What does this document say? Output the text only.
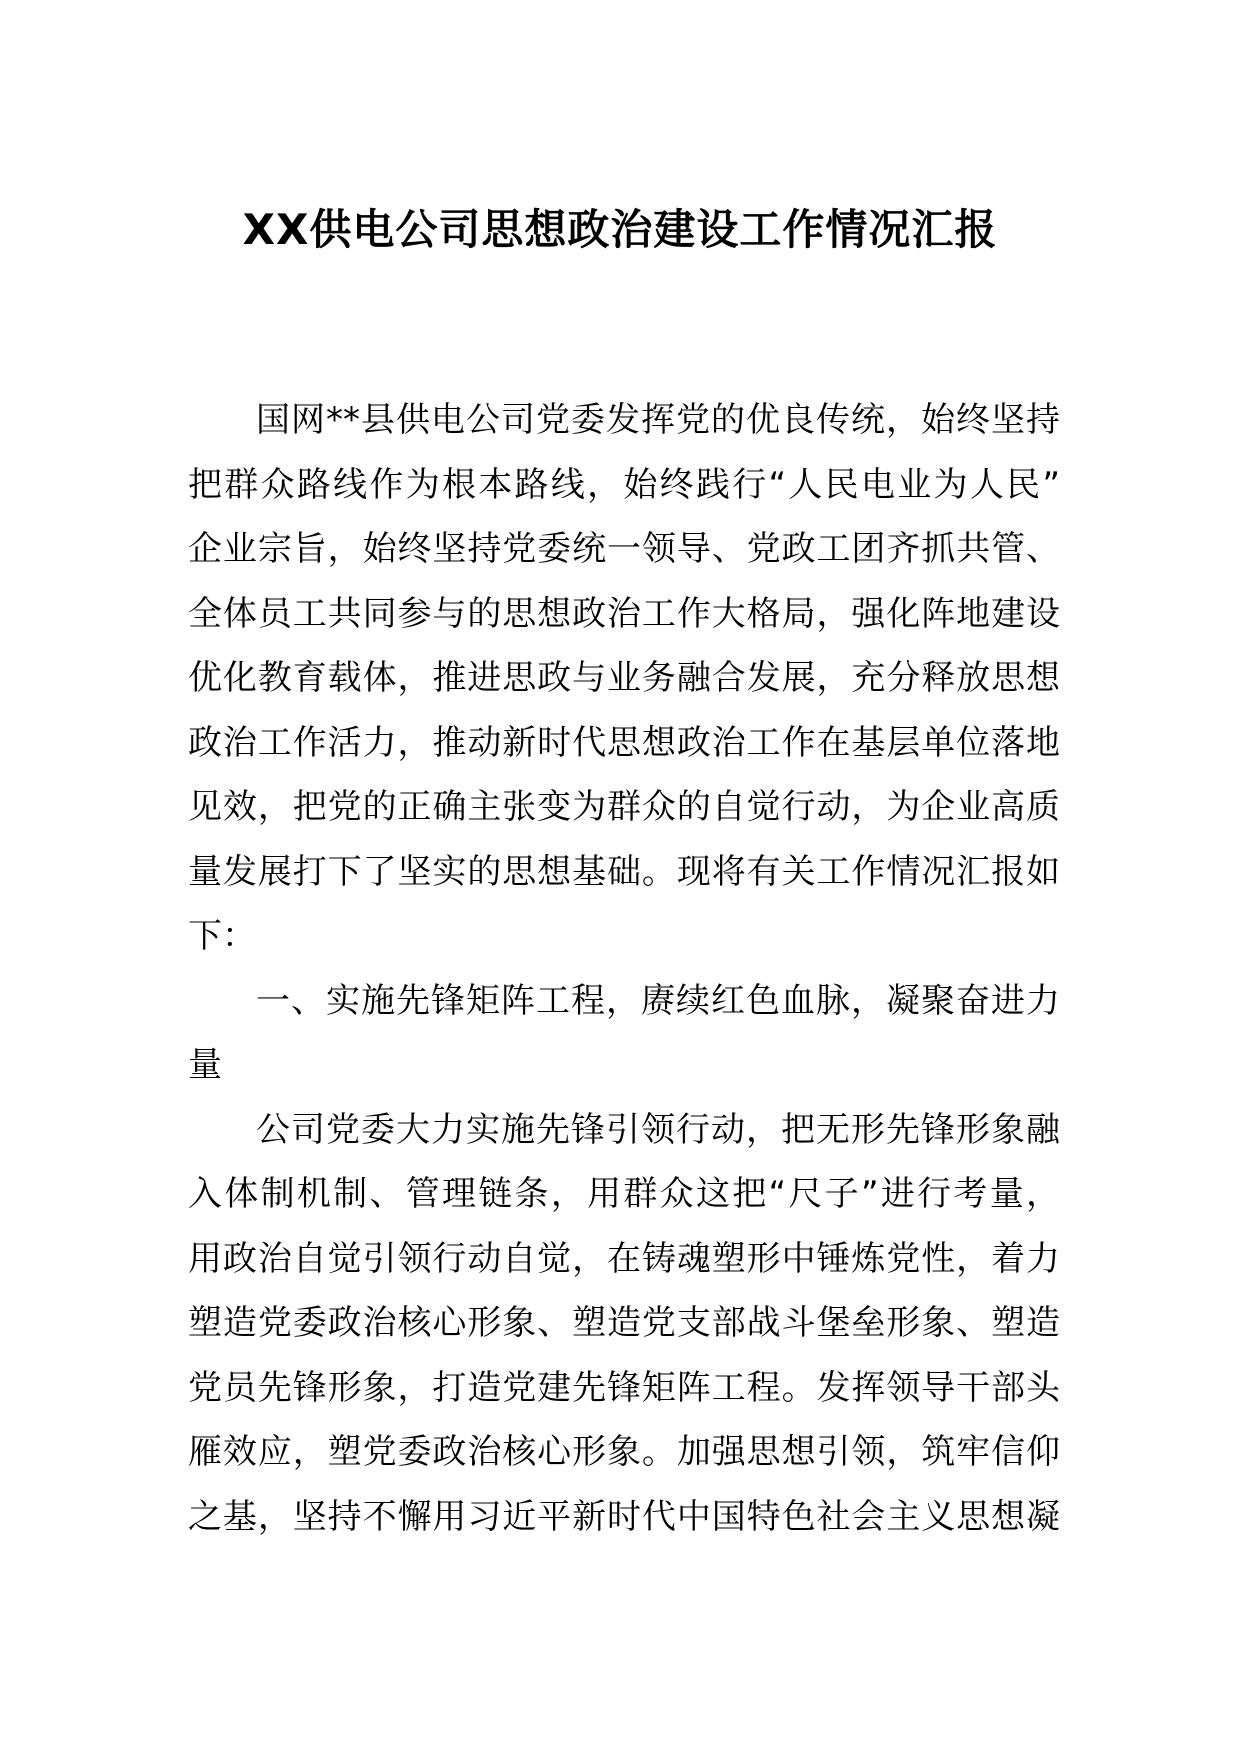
XX供电公司思想政治建设工作情况汇报
国网**县供电公司党委发挥党的优良传统，始终坚持
把群众路线作为根本路线，始终践行“人民电业为人民”
企业宗旨，始终坚持党委统一领导、党政工团齐抓共管、
全体员工共同参与的思想政治工作大格局，强化阵地建设
优化教育载体，推进思政与业务融合发展，充分释放思想
政治工作活力，推动新时代思想政治工作在基层单位落地
见效，把党的正确主张变为群众的自觉行动，为企业高质
量发展打下了坚实的思想基础。现将有关工作情况汇报如
下：
一、实施先锋矩阵工程，赓续红色血脉，凝聚奋进力
量
公司党委大力实施先锋引领行动，把无形先锋形象融
入体制机制、管理链条，用群众这把“尺子”进行考量，
用政治自觉引领行动自觉，在铸魂塑形中锤炼党性，着力
塑造党委政治核心形象、塑造党支部战斗堡垒形象、塑造
党员先锋形象，打造党建先锋矩阵工程。发挥领导干部头
雁效应，塑党委政治核心形象。加强思想引领，筑牢信仰
之基，坚持不懈用习近平新时代中国特色社会主义思想凝
